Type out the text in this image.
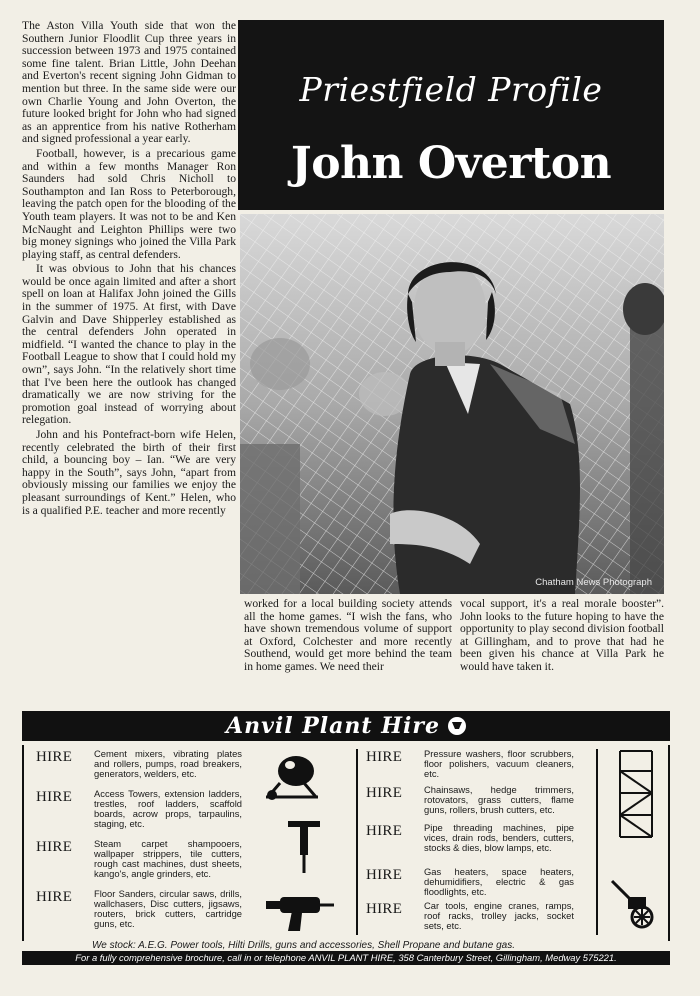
The Aston Villa Youth side that won the Southern Junior Floodlit Cup three years in succession between 1973 and 1975 contained some fine talent. Brian Little, John Deehan and Everton's recent signing John Gidman to mention but three. In the same side were our own Charlie Young and John Overton, the future looked bright for John who had signed as an apprentice from his native Rotherham and signed professional a year early.

Football, however, is a precarious game and within a few months Manager Ron Saunders had sold Chris Nicholl to Southampton and Ian Ross to Peterborough, leaving the patch open for the blooding of the Youth team players. It was not to be and Ken McNaught and Leighton Phillips were two big money signings who joined the Villa Park playing staff, as central defenders.

It was obvious to John that his chances would be once again limited and after a short spell on loan at Halifax John joined the Gills in the summer of 1975. At first, with Dave Galvin and Dave Shipperley established as the central defenders John operated in midfield. “I wanted the chance to play in the Football League to show that I could hold my own”, says John. “In the relatively short time that I've been here the outlook has changed dramatically we are now striving for the promotion goal instead of worrying about relegation.

John and his Pontefract-born wife Helen, recently celebrated the birth of their first child, a bouncing boy – Ian. “We are very happy in the South”, says John, “apart from obviously missing our families we enjoy the pleasant surroundings of Kent.” Helen, who is a qualified P.E. teacher and more recently

Priestfield Profile
John Overton
Chatham News Photograph
worked for a local building society attends all the home games. “I wish the fans, who have shown tremendous volume of support at Oxford, Colchester and more recently Southend, would get more behind the team in home games. We need their
vocal support, it's a real morale booster”. John looks to the future hoping to have the opportunity to play second division football at Gillingham, and to prove that had he been given his chance at Villa Park he would have taken it.
Anvil Plant Hire
HIRE	Cement mixers, vibrating plates and rollers, pumps, road breakers, generators, welders, etc.
HIRE	Access Towers, extension ladders, trestles, roof ladders, scaffold boards, acrow props, tarpaulins, staging, etc.
HIRE	Steam carpet shampooers, wallpaper strippers, tile cutters, rough cast machines, dust sheets, kango's, angle grinders, etc.
HIRE	Floor Sanders, circular saws, drills, wallchasers, Disc cutters, jigsaws, routers, brick cutters, cartridge guns, etc.
HIRE	Pressure washers, floor scrubbers, floor polishers, vacuum cleaners, etc.
HIRE	Chainsaws, hedge trimmers, rotovators, grass cutters, flame guns, rollers, brush cutters, etc.
HIRE	Pipe threading machines, pipe vices, drain rods, benders, cutters, stocks & dies, blow lamps, etc.
HIRE	Gas heaters, space heaters, dehumidifiers, electric & gas floodlights, etc.
HIRE	Car tools, engine cranes, ramps, roof racks, trolley jacks, socket sets, etc.
We stock: A.E.G. Power tools, Hilti Drills, guns and accessories, Shell Propane and butane gas.
For a fully comprehensive brochure, call in or telephone ANVIL PLANT HIRE, 358 Canterbury Street, Gillingham, Medway 575221.
